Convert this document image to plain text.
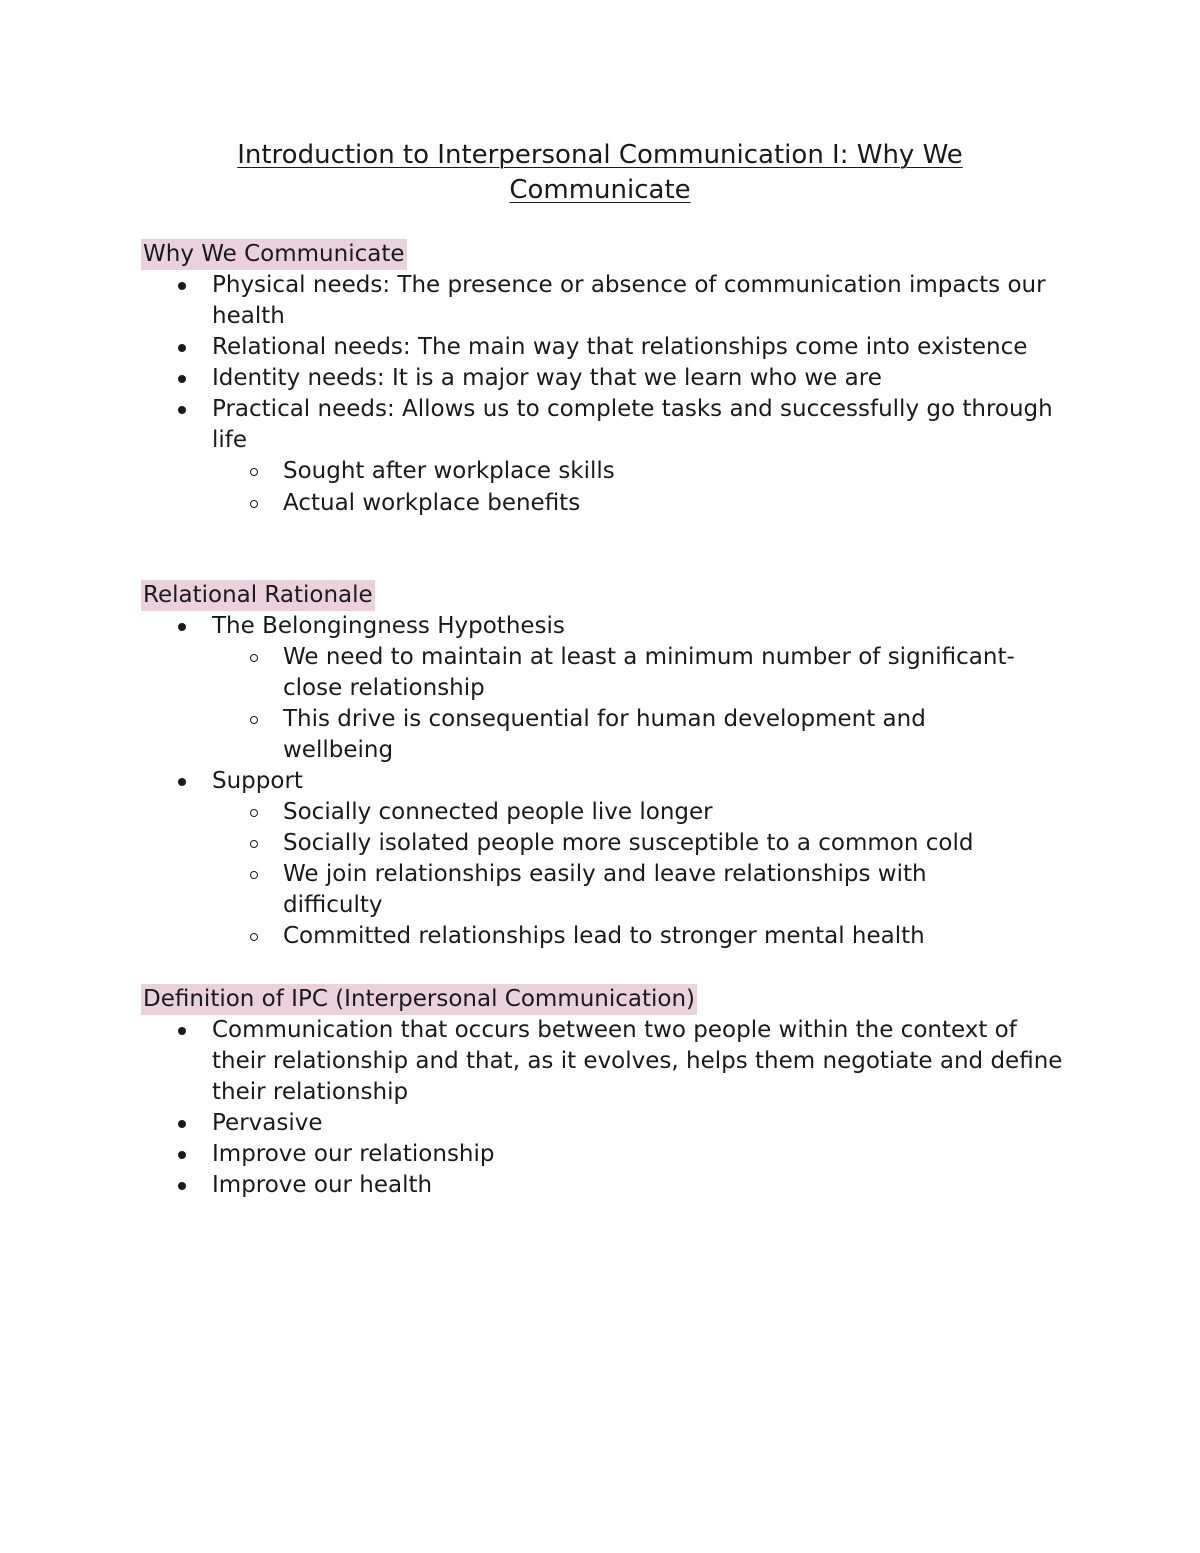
Introduction to Interpersonal Communication I: Why We Communicate
Why We Communicate
Physical needs: The presence or absence of communication impacts our health
Relational needs: The main way that relationships come into existence
Identity needs: It is a major way that we learn who we are
Practical needs: Allows us to complete tasks and successfully go through life
Sought after workplace skills
Actual workplace benefits
Relational Rationale
The Belongingness Hypothesis
We need to maintain at least a minimum number of significant-close relationship
This drive is consequential for human development and wellbeing
Support
Socially connected people live longer
Socially isolated people more susceptible to a common cold
We join relationships easily and leave relationships with difficulty
Committed relationships lead to stronger mental health
Definition of IPC (Interpersonal Communication)
Communication that occurs between two people within the context of their relationship and that, as it evolves, helps them negotiate and define their relationship
Pervasive
Improve our relationship
Improve our health
